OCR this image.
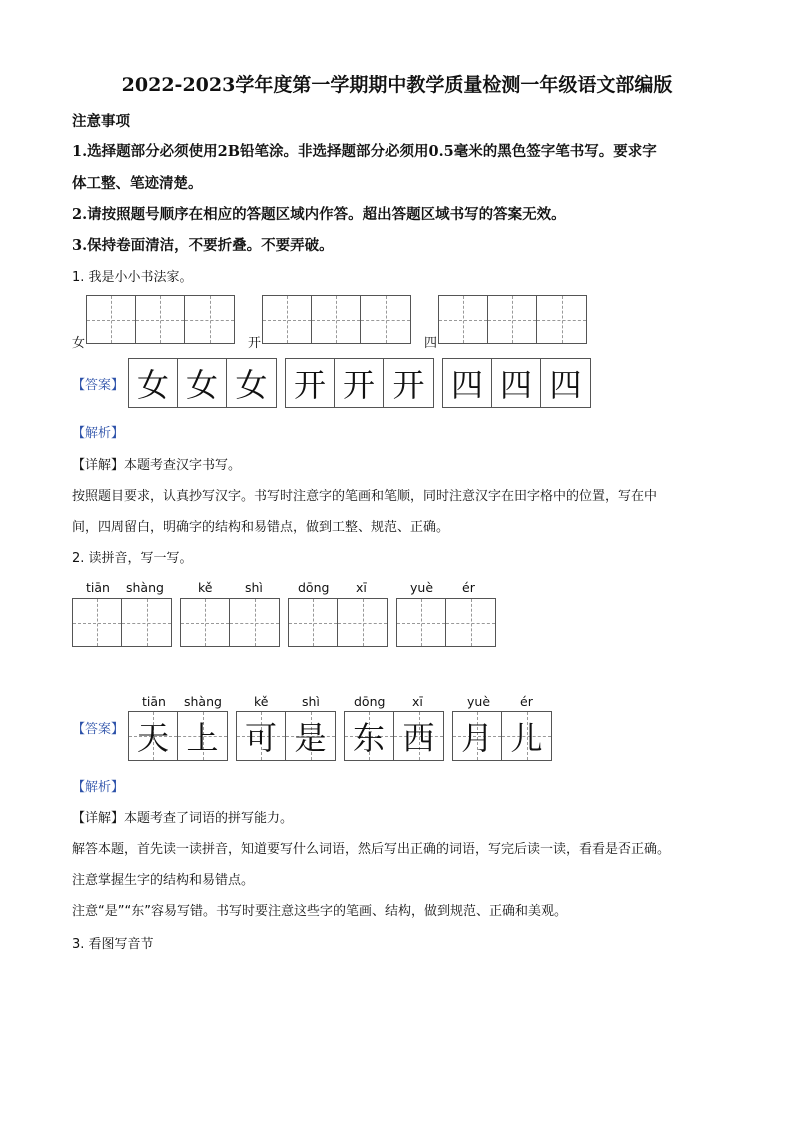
2022-2023学年度第一学期期中教学质量检测一年级语文部编版
注意事项
1.选择题部分必须使用2B铅笔涂。非选择题部分必须用0.5毫米的黑色签字笔书写。要求字
体工整、笔迹清楚。
2.请按照题号顺序在相应的答题区域内作答。超出答题区域书写的答案无效。
3.保持卷面清洁，不要折叠。不要弄破。
1. 我是小小书法家。
女	开	四
【答案】 女 女 女 开 开 开 四 四 四
【解析】
【详解】本题考查汉字书写。
按照题目要求，认真抄写汉字。书写时注意字的笔画和笔顺，同时注意汉字在田字格中的位置，写在中
间，四周留白，明确字的结构和易错点，做到工整、规范、正确。
2. 读拼音，写一写。
tiān shàng	kě	shì	dōng xī	yuè ér
tiān shàng	kě	shì	dōng xī	yuè ér
【答案】 天 上 可 是 东 西 月 儿
【解析】
【详解】本题考查了词语的拼写能力。
解答本题，首先读一读拼音，知道要写什么词语，然后写出正确的词语，写完后读一读，看看是否正确。
注意掌握生字的结构和易错点。
注意“是”“东”容易写错。书写时要注意这些字的笔画、结构，做到规范、正确和美观。
3. 看图写音节
